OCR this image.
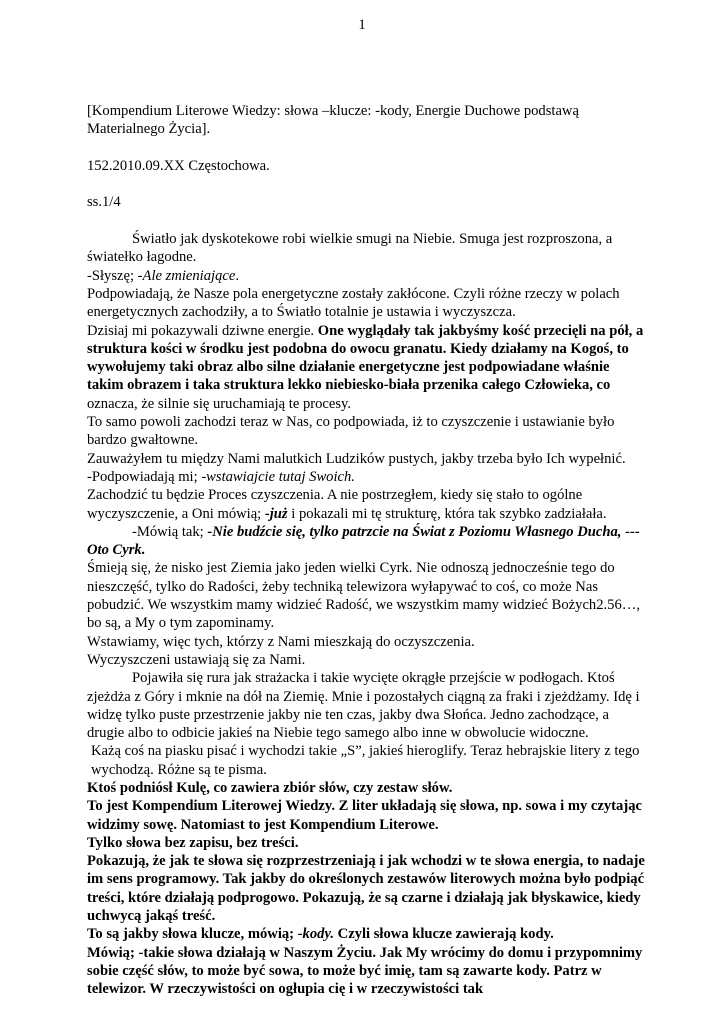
1

[Kompendium Literowe Wiedzy: słowa –klucze: -kody, Energie Duchowe podstawą
Materialnego Życia].

152.2010.09.XX Częstochowa.

ss.1/4

Światło jak dyskotekowe robi wielkie smugi na Niebie. Smuga jest rozproszona, a światełko łagodne.

-Słyszę; -Ale zmieniające.

Podpowiadają, że Nasze pola energetyczne zostały zakłócone. Czyli różne rzeczy w polach energetycznych zachodziły, a to Światło totalnie je ustawia i wyczyszcza.

Dzisiaj mi pokazywali dziwne energie. One wyglądały tak jakbyśmy kość przecięli na pół, a struktura kości w środku jest podobna do owocu granatu. Kiedy działamy na Kogoś, to wywołujemy taki obraz albo silne działanie energetyczne jest podpowiadane właśnie takim obrazem i taka struktura lekko niebiesko-biała przenika całego Człowieka, co oznacza, że silnie się uruchamiają te procesy.

To samo powoli zachodzi teraz w Nas, co podpowiada, iż to czyszczenie i ustawianie było bardzo gwałtowne.

Zauważyłem tu między Nami malutkich Ludzików pustych, jakby trzeba było Ich wypełnić.

-Podpowiadają mi; -wstawiajcie tutaj Swoich.

Zachodzić tu będzie Proces czyszczenia. A nie postrzegłem, kiedy się stało to ogólne wyczyszczenie, a Oni mówią; -już i pokazali mi tę strukturę, która tak szybko zadziałała.

-Mówią tak; -Nie budźcie się, tylko patrzcie na Świat z Poziomu Własnego Ducha, ---Oto Cyrk.

Śmieją się, że nisko jest Ziemia jako jeden wielki Cyrk. Nie odnoszą jednocześnie tego do nieszczęść, tylko do Radości, żeby techniką telewizora wyłapywać to coś, co może Nas pobudzić. We wszystkim mamy widzieć Radość, we wszystkim mamy widzieć Bożych2.56…, bo są, a My o tym zapominamy.

Wstawiamy, więc tych, którzy z Nami mieszkają do oczyszczenia.

Wyczyszczeni ustawiają się za Nami.

Pojawiła się rura jak strażacka i takie wycięte okrągłe przejście w podłogach. Ktoś zjeżdża z Góry i mknie na dół na Ziemię. Mnie i pozostałych ciągną za fraki i zjeżdżamy. Idę i widzę tylko puste przestrzenie jakby nie ten czas, jakby dwa Słońca. Jedno zachodzące, a drugie albo to odbicie jakieś na Niebie tego samego albo inne w obwolucie widoczne.

Każą coś na piasku pisać i wychodzi takie „S”, jakieś hieroglify. Teraz hebrajskie litery z tego wychodzą. Różne są te pisma.

Ktoś podniósł Kulę, co zawiera zbiór słów, czy zestaw słów.

To jest Kompendium Literowej Wiedzy. Z liter układają się słowa, np. sowa i my czytając widzimy sowę. Natomiast to jest Kompendium Literowe.

Tylko słowa bez zapisu, bez treści.

Pokazują, że jak te słowa się rozprzestrzeniają i jak wchodzi w te słowa energia, to nadaje im sens programowy. Tak jakby do określonych zestawów literowych można było podpiąć treści, które działają podprogowo. Pokazują, że są czarne i działają jak błyskawice, kiedy uchwycą jakąś treść.

To są jakby słowa klucze, mówią; -kody. Czyli słowa klucze zawierają kody.

Mówią; -takie słowa działają w Naszym Życiu. Jak My wrócimy do domu i przypomnimy sobie część słów, to może być sowa, to może być imię, tam są zawarte kody. Patrz w telewizor. W rzeczywistości on ogłupia cię i w rzeczywistości tak
